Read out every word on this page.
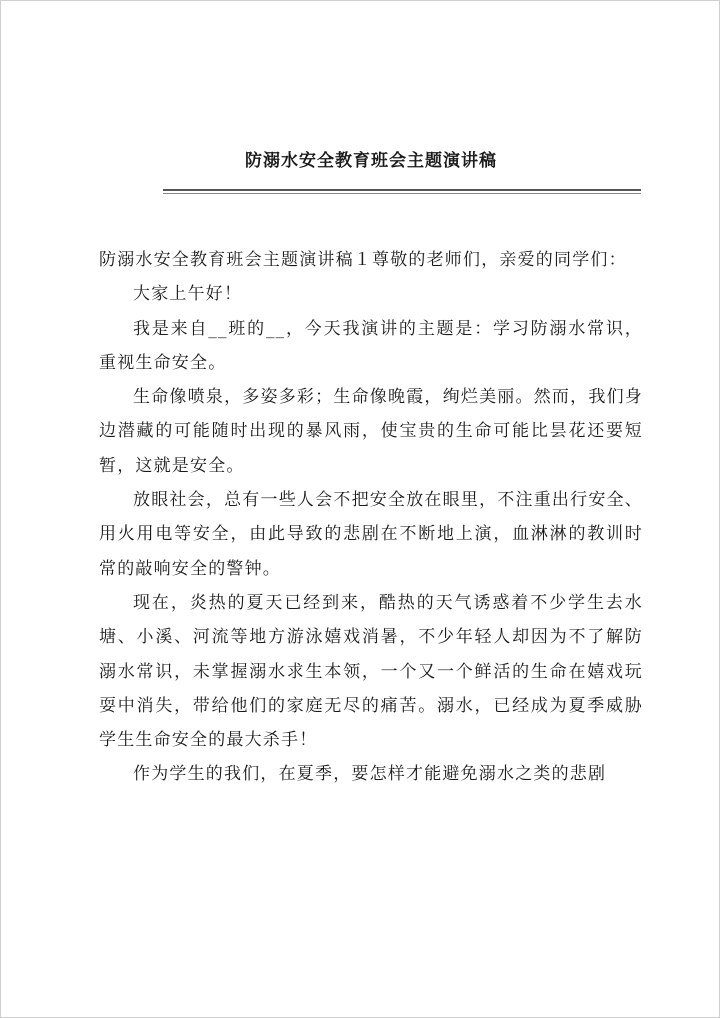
防溺水安全教育班会主题演讲稿

防溺水安全教育班会主题演讲稿１尊敬的老师们，亲爱的同学们：

大家上午好！

我是来自__班的__，今天我演讲的主题是：学习防溺水常识，重视生命安全。

生命像喷泉，多姿多彩；生命像晚霞，绚烂美丽。然而，我们身边潜藏的可能随时出现的暴风雨，使宝贵的生命可能比昙花还要短暂，这就是安全。

放眼社会，总有一些人会不把安全放在眼里，不注重出行安全、用火用电等安全，由此导致的悲剧在不断地上演，血淋淋的教训时常的敲响安全的警钟。

现在，炎热的夏天已经到来，酷热的天气诱惑着不少学生去水塘、小溪、河流等地方游泳嬉戏消暑，不少年轻人却因为不了解防溺水常识，未掌握溺水求生本领，一个又一个鲜活的生命在嬉戏玩耍中消失，带给他们的家庭无尽的痛苦。溺水，已经成为夏季威胁学生生命安全的最大杀手！

作为学生的我们，在夏季，要怎样才能避免溺水之类的悲剧
